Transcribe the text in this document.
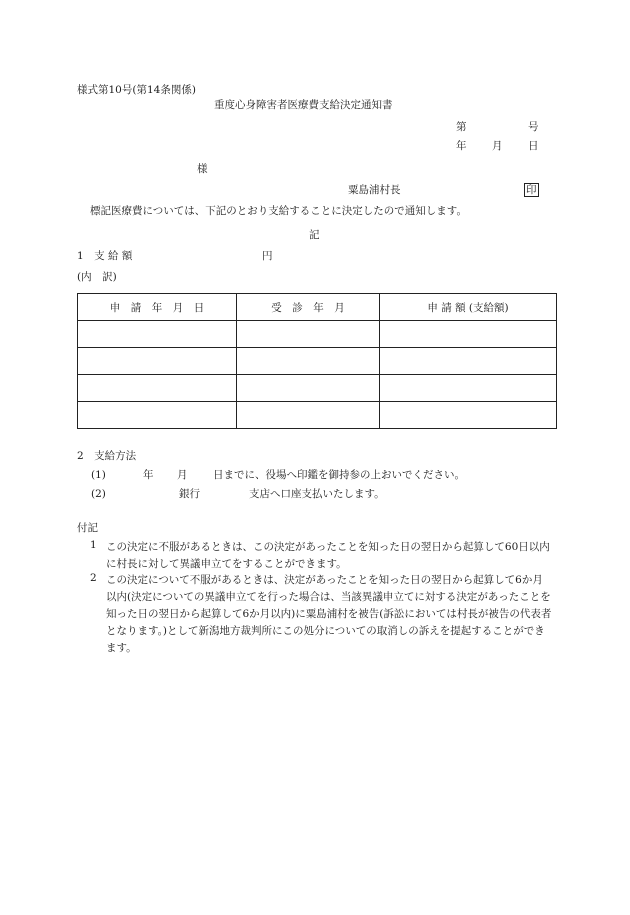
様式第10号(第14条関係)
重度心身障害者医療費支給決定通知書
第	号
年 月 日
様
粟島浦村長	印
標記医療費については、下記のとおり支給することに決定したので通知します。
記
1　支 給 額	円
(内　訳)
申　請　年　月　日	受　診　年　月	申 請 額 (支給額)

2　支給方法
(1)	年 月 日までに、役場へ印鑑を御持参の上おいでください。
(2)	銀行	支店へ口座支払いたします。
付記
1 この決定に不服があるときは、この決定があったことを知った日の翌日から起算して60日以内に村長に対して異議申立てをすることができます。
2 この決定について不服があるときは、決定があったことを知った日の翌日から起算して6か月以内(決定についての異議申立てを行った場合は、当該異議申立てに対する決定があったことを知った日の翌日から起算して6か月以内)に粟島浦村を被告(訴訟においては村長が被告の代表者となります。)として新潟地方裁判所にこの処分についての取消しの訴えを提起することができます。
